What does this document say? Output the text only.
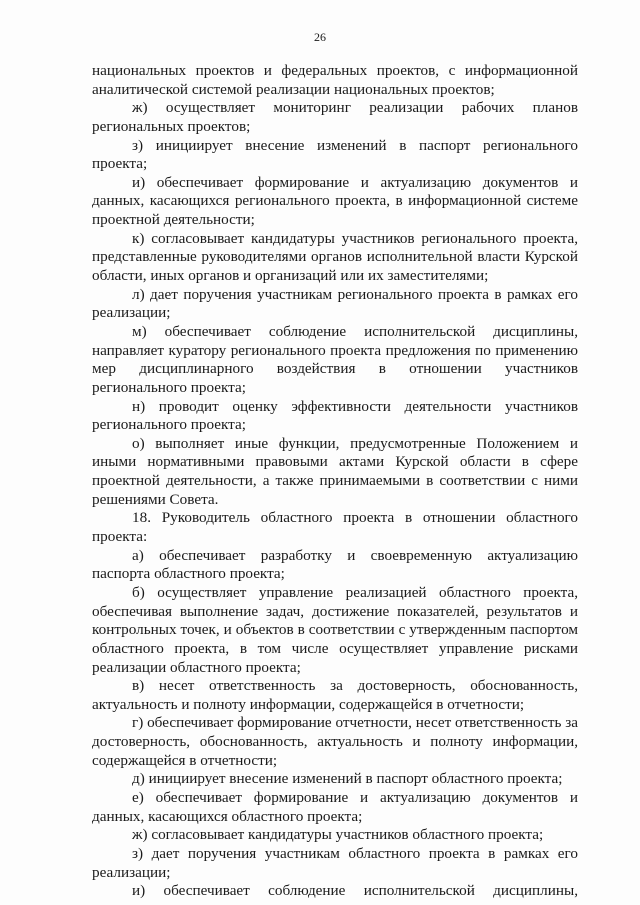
26
национальных проектов и федеральных проектов, с информационной
аналитической системой реализации национальных проектов;
ж) осуществляет мониторинг реализации рабочих планов
региональных проектов;
з) инициирует внесение изменений в паспорт регионального
проекта;
и) обеспечивает формирование и актуализацию документов и
данных, касающихся регионального проекта, в информационной системе
проектной деятельности;
к) согласовывает кандидатуры участников регионального проекта,
представленные руководителями органов исполнительной власти Курской
области, иных органов и организаций или их заместителями;
л) дает поручения участникам регионального проекта в рамках его
реализации;
м) обеспечивает соблюдение исполнительской дисциплины,
направляет куратору регионального проекта предложения по применению
мер дисциплинарного воздействия в отношении участников
регионального проекта;
н) проводит оценку эффективности деятельности участников
регионального проекта;
о) выполняет иные функции, предусмотренные Положением и
иными нормативными правовыми актами Курской области в сфере
проектной деятельности, а также принимаемыми в соответствии с ними
решениями Совета.
18. Руководитель областного проекта в отношении областного
проекта:
а) обеспечивает разработку и своевременную актуализацию
паспорта областного проекта;
б) осуществляет управление реализацией областного проекта,
обеспечивая выполнение задач, достижение показателей, результатов и
контрольных точек, и объектов в соответствии с утвержденным паспортом
областного проекта, в том числе осуществляет управление рисками
реализации областного проекта;
в) несет ответственность за достоверность, обоснованность,
актуальность и полноту информации, содержащейся в отчетности;
г) обеспечивает формирование отчетности, несет ответственность за
достоверность, обоснованность, актуальность и полноту информации,
содержащейся в отчетности;
д) инициирует внесение изменений в паспорт областного проекта;
е) обеспечивает формирование и актуализацию документов и
данных, касающихся областного проекта;
ж) согласовывает кандидатуры участников областного проекта;
з) дает поручения участникам областного проекта в рамках его
реализации;
и) обеспечивает соблюдение исполнительской дисциплины,
